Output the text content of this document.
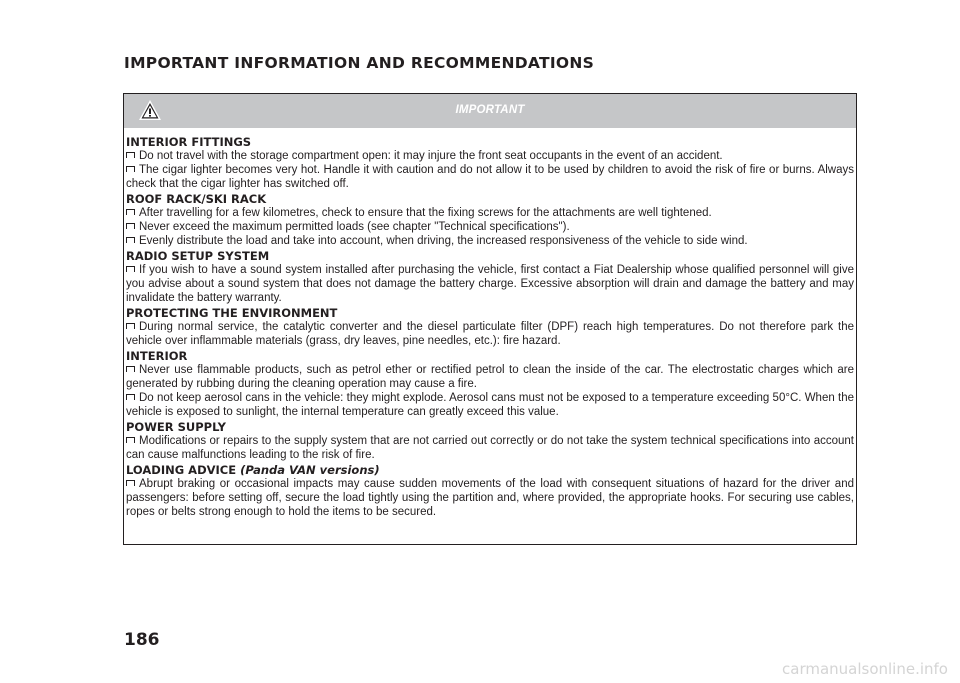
IMPORTANT INFORMATION AND RECOMMENDATIONS
IMPORTANT
INTERIOR FITTINGS
Do not travel with the storage compartment open: it may injure the front seat occupants in the event of an accident.
The cigar lighter becomes very hot. Handle it with caution and do not allow it to be used by children to avoid the risk of fire or burns. Always check that the cigar lighter has switched off.
ROOF RACK/SKI RACK
After travelling for a few kilometres, check to ensure that the fixing screws for the attachments are well tightened.
Never exceed the maximum permitted loads (see chapter "Technical specifications").
Evenly distribute the load and take into account, when driving, the increased responsiveness of the vehicle to side wind.
RADIO SETUP SYSTEM
If you wish to have a sound system installed after purchasing the vehicle, first contact a Fiat Dealership whose qualified personnel will give you advise about a sound system that does not damage the battery charge. Excessive absorption will drain and damage the battery and may invalidate the battery warranty.
PROTECTING THE ENVIRONMENT
During normal service, the catalytic converter and the diesel particulate filter (DPF) reach high temperatures. Do not therefore park the vehicle over inflammable materials (grass, dry leaves, pine needles, etc.): fire hazard.
INTERIOR
Never use flammable products, such as petrol ether or rectified petrol to clean the inside of the car. The electrostatic charges which are generated by rubbing during the cleaning operation may cause a fire.
Do not keep aerosol cans in the vehicle: they might explode. Aerosol cans must not be exposed to a temperature exceeding 50°C. When the vehicle is exposed to sunlight, the internal temperature can greatly exceed this value.
POWER SUPPLY
Modifications or repairs to the supply system that are not carried out correctly or do not take the system technical specifications into account can cause malfunctions leading to the risk of fire.
LOADING ADVICE (Panda VAN versions)
Abrupt braking or occasional impacts may cause sudden movements of the load with consequent situations of hazard for the driver and passengers: before setting off, secure the load tightly using the partition and, where provided, the appropriate hooks. For securing use cables, ropes or belts strong enough to hold the items to be secured.
186
carmanualsonline.info
